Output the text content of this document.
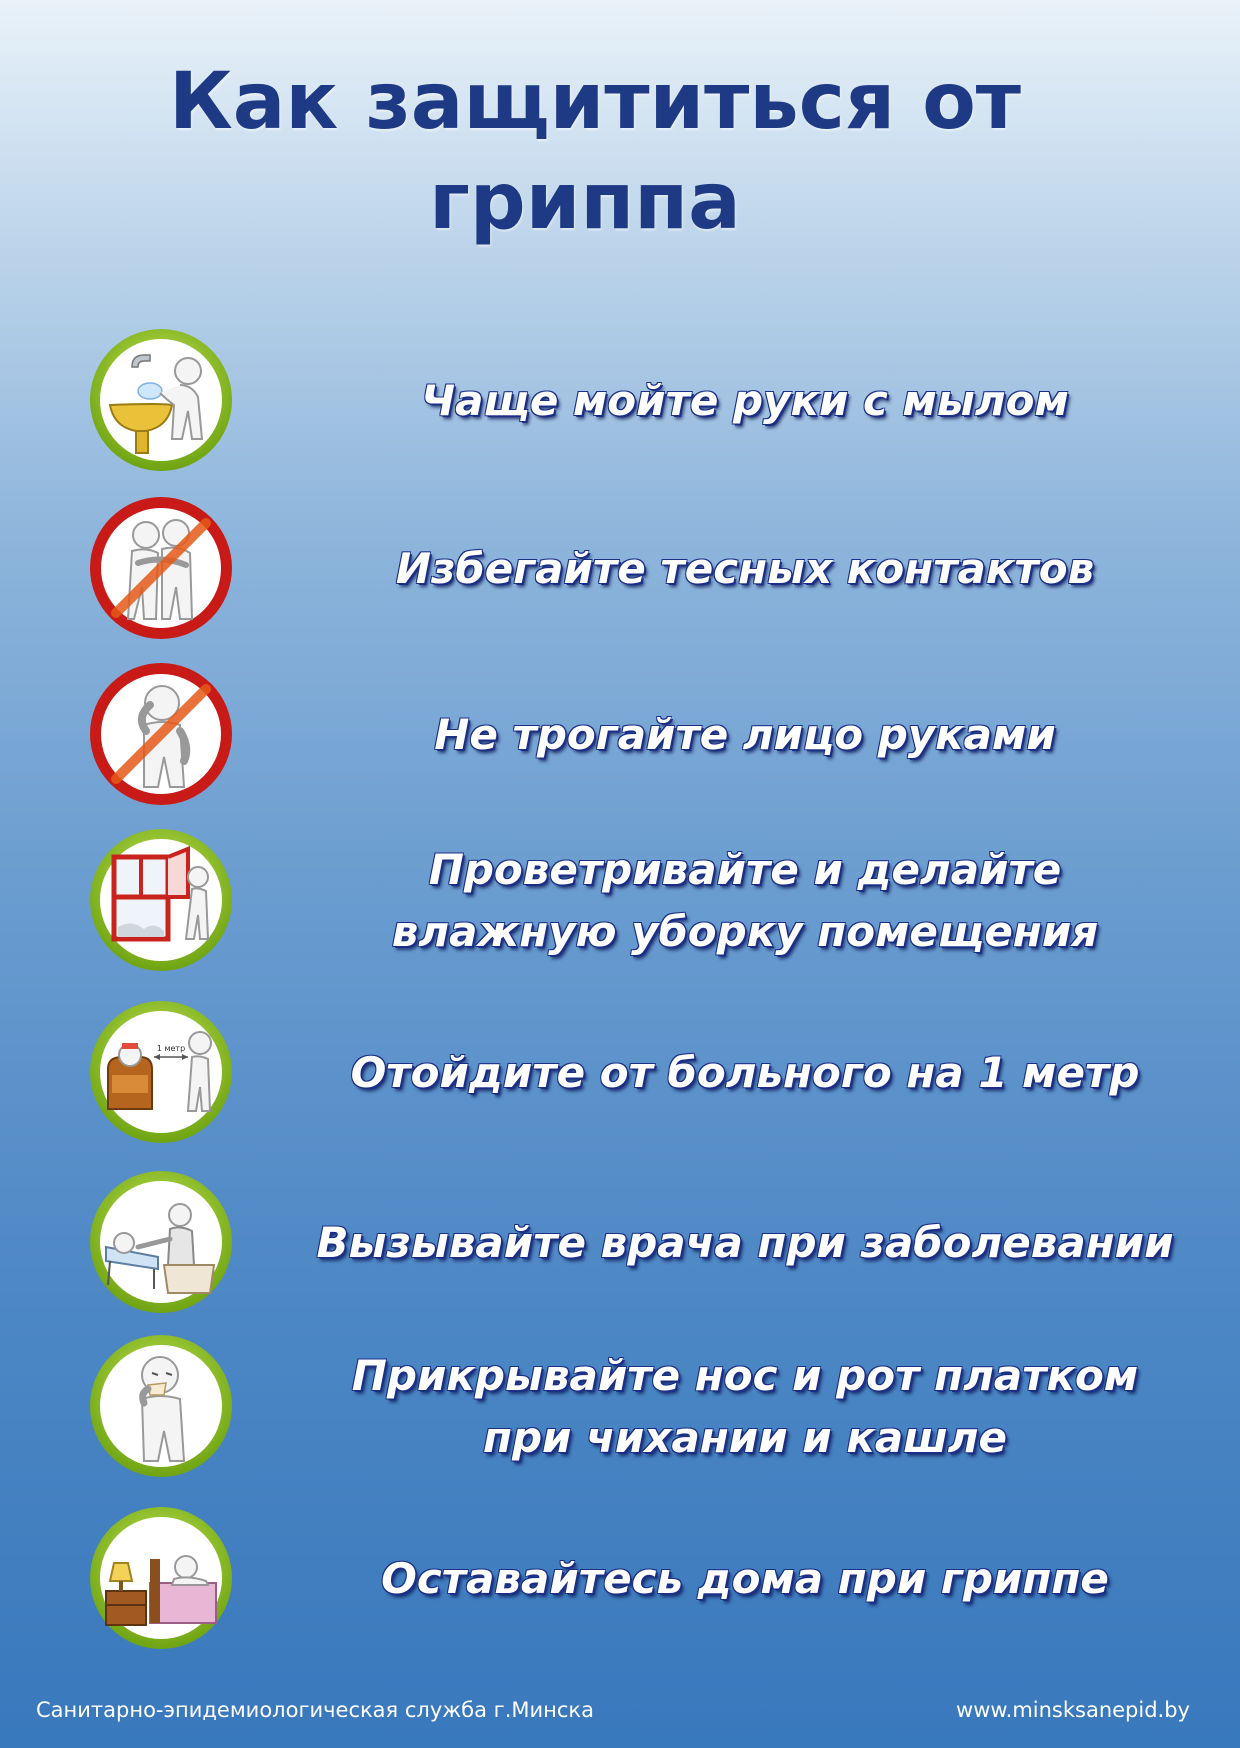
Как защититься от
гриппа
Чаще мойте руки с мылом
Избегайте тесных контактов
Не трогайте лицо руками
Проветривайте и делайте
влажную уборку помещения
1 метр	Отойдите от больного на 1 метр
Вызывайте врача при заболевании
Прикрывайте нос и рот платком
при чихании и кашле
Оставайтесь дома при гриппе
Санитарно-эпидемиологическая служба г.Минска	www.minsksanepid.by
